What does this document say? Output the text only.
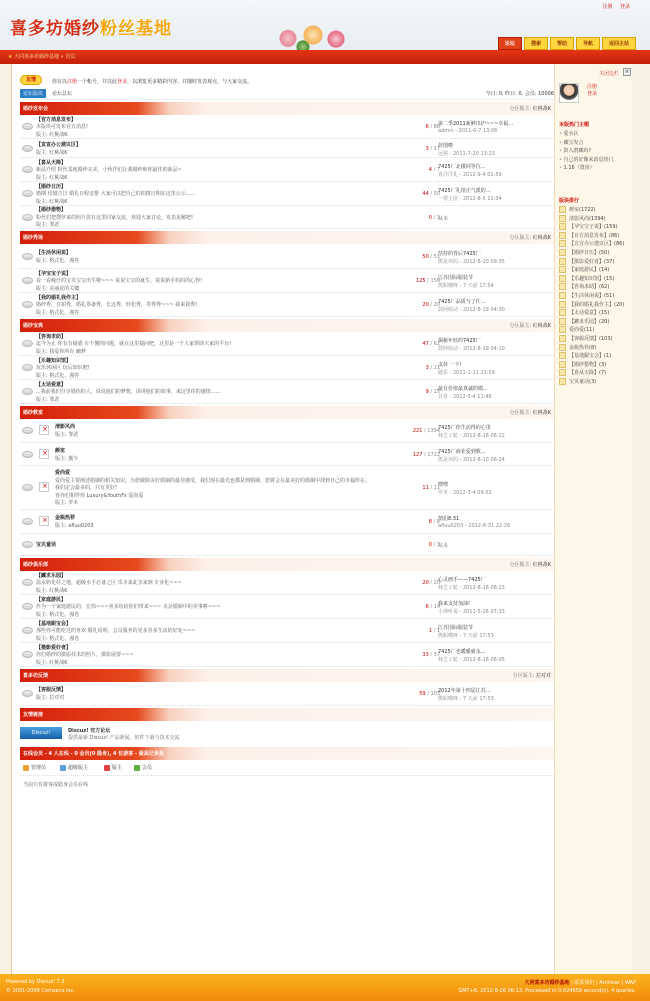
喜多坊婚纱粉丝基地
注册 登录
论坛	搜索	帮助	导航	返回主站
★ 大同喜多坊婚纱基地 » 首页
友情	你有以注册一个帐号，并以此登录，以浏览更多精彩内容，并随时发表观点，与大家交流。
论坛版块	论坛总坛	今日: 0, 昨日: 0, 会员: 10006
婚纱发布会	分区版主: 红桃战K
【官方消息发布】
本版块可发布官方消息!
版主: 红桃战K
6 / 86
第二季2011新鲜出炉~~~幸福...
admin - 2011-6-7 13:06
【宣宣办公建议区】
版主: 红桃战K
3 / 17
佳图啦
远骆 - 2011-7-20 13:23
【喜从天降】
新品介绍 粉丝基地婚纱完美，小伙伴们让我婚纱和你最佳的新品~
版主: 红桃战K
4 / 7
7425厂北楼同等位...
喜洋洋礼 - 2012-9-4 01:59
【婚纱日历】
婚期 结婚吉日 婚礼日程安排 大家可以把自己的拍摄日期在这里公示......
版主: 红桃战K
44 / 50
7425厂礼馆正气派的...
一帮土匪 - 2012-8-5 11:04
【婚纱猎物】
粉丝们把搜罗来的照片放在这里同家交流，欢迎大家讨论，发表见解吧!
版主: 罪恶
0 / 3
从未
婚纱秀场	分区版主: 红桃战K
【生活休闲说】
版主: 格式化、漫卷
50 / 51
坚持的背后7425厂
熊是坏的 - 2012-8-10 09:35
【孕宝宝子说】
看一看瘦仔的宝贝宝宝出生啦~~~ 说说宝宝的诞生，说说新手妈妈的心得!
版主: 美丽花的关键
125 / 159
江苏国际服装节
熊职哦呀 - 7 天前 17:54
【我的婚礼我作主】
婚纱秀，自拍秀，婚礼筹备秀，长这秀，轻松秀，等秀秀~~~ 我来我秀!
版主: 格式化、漫卷
20 / 20
7425厂品质与了什...
鼓阿组动 - 2012-8-19 04:30
婚纱宝典	分区版主: 红桃战K
【咨询求助】
迄今为止 你有有疑惑 有不懂的问题，就在这里提问吧，这里是一个大家帮助大家的平台!
版主: 我爱你所有 幽梦
47 / 62
揭秘年轻的7425厂
鼓阿组动 - 2012-8-19 04:10
【乐趣知识馆】
玩乐休闲区 玩后知识吧!
版主: 格式化、漫卷
3 / 11
支持 一下!
踏乐 - 2011-1-11 21:59
【太话爱意】
...我前我们分享婚你的人，说说他们的梦想，讲讲他们的故事，来这里你的感情......
版主: 罪恶
9 / 15
最有价值最真诚的婚...
讨喜 - 2012-5-4 11:46
婚纱教室	分区版主: 红桃战K
×
清影风尚
版主: 罪恶
221 / 1394
7425厂你生活得的心里
林芝工航 - 2012-8-18 06:22
×
颜室
版主: 靓少
127 / 1722
7425厂商业爱到歌...
熊是坏的 - 2012-8-10 06:24
×
爱尚爱
爱尚爱主要阐述婚姻的相关知识，为您破除美好婚姻的最佳感受，我们现在最先也都是到婚姻，您将会在最美好的婚姻中找到自己的幸福所在。
我们定会最多的，只有更好!
喜你们相伴你 Luxury&YouthFs 爱尚爱
版主: 罗本
11 / 11
嘿嘿
罗本 - 2012-3-4 09:52
×
金瓶热荐
版主: afluu0203
8 / 8
情侣8.31
afluu0203 - 2012-8-31 22:26
宝贝童话	0 / 3
从未
婚纱俱乐部	分区版主: 红桃战K
【罐求乐园】
温水奶化娃之地，超级水手必备之区 乐享来此享来到 专业化~~~
版主: 红桃战K
20 / 20
心灵画手——7425厂
林芝工航 - 2012-8-18 06:13
【家庭游民】
作为一个家庭游民的，宏伟~~~喜多坊给你们带来~~~ 夹杂婚姻中的美事啦~~~
版主: 格式化、漫卷
6 / 14
我来支持加油!
小弹听说 - 2011-5-26 07:33
【基地跟宝会】
那些你可能吃过的喜欢 婚礼说明，会员服务的更多喜多生活的好处~~~
版主: 格式化、漫卷
1 / 1
江苏国际服装节
熊职哦呀 - 7 天前 17:53
【摄影爱好者】
你们婚纱的摄影技术的照片，摄影展要~~~
版主: 红桃战K
33 / 37
7425厂也暖暖就永...
林芝工航 - 2012-8-18 06:05
喜多坊反馈	分区版主: 拉对对
【客服反馈】
版主: 拉对对
59 / 103
2012年第十四届江苏...
熊职哦呀 - 7 天前 17:53
友情链接
Discuz!	Discuz! 官方论坛
提供最新 Discuz! 产品新闻、软件下载与技术交流
在线会员 - 4 人在线 - 0 会员(0 隐身), 4 位游客 - 最高记录是
管理员	超级版主	版主	会员
当前只有游客或隐身会员在线
关闭边栏	×
注册
登录
本版热门主题
• 爱水区
• 藏宝发言
• 鼓入潜藏吗?
• 自己的好像来消息热门
• 1.16（置顶）
版块排行
颜室(1722)
清影风尚(1394)
【孕宝宝子说】(159)
【官方消息发布】(86)
【宣宣办公建议区】(86)
【婚纱日历】(50)
【摄影爱好者】(37)
【家庭游民】(14)
【乐趣知识馆】(15)
【咨询求助】(62)
【生活休闲说】(51)
【我的婚礼我作主】(20)
【太话爱意】(15)
【罐求乐园】(20)
爱尚爱(11)
【客服反馈】(103)
金瓶热荐(8)
【基地跟宝会】(1)
【婚纱猎物】(3)
【喜从天降】(7)
宝贝童话(3)
Powered by Discuz! 7.2
© 2001-2009 Comsenz Inc.
大同喜多坊婚纱基地 | 联系我们 | Archiver | WAP
GMT+8, 2012-8-26 06:13, Processed in 0.024659 second(s), 4 queries.
